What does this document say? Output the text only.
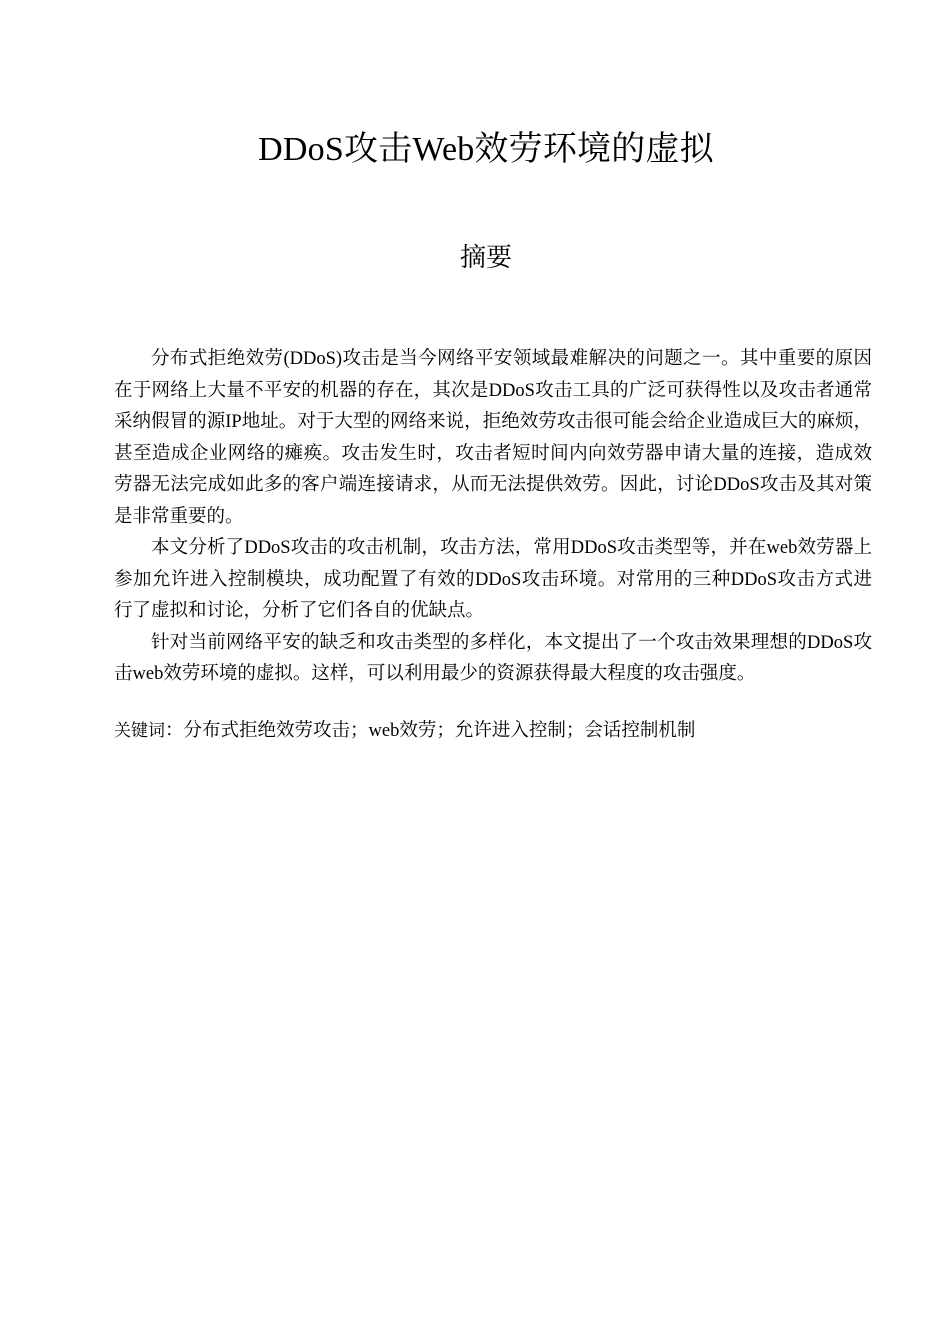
DDoS攻击Web效劳环境的虚拟
摘要

分布式拒绝效劳(DDoS)攻击是当今网络平安领域最难解决的问题之一。其中重要的原因在于网络上大量不平安的机器的存在，其次是DDoS攻击工具的广泛可获得性以及攻击者通常采纳假冒的源IP地址。对于大型的网络来说，拒绝效劳攻击很可能会给企业造成巨大的麻烦，甚至造成企业网络的瘫痪。攻击发生时，攻击者短时间内向效劳器申请大量的连接，造成效劳器无法完成如此多的客户端连接请求，从而无法提供效劳。因此，讨论DDoS攻击及其对策是非常重要的。

本文分析了DDoS攻击的攻击机制，攻击方法，常用DDoS攻击类型等，并在web效劳器上参加允许进入控制模块，成功配置了有效的DDoS攻击环境。对常用的三种DDoS攻击方式进行了虚拟和讨论，分析了它们各自的优缺点。

针对当前网络平安的缺乏和攻击类型的多样化，本文提出了一个攻击效果理想的DDoS攻击web效劳环境的虚拟。这样，可以利用最少的资源获得最大程度的攻击强度。

关键词：分布式拒绝效劳攻击；web效劳；允许进入控制；会话控制机制
